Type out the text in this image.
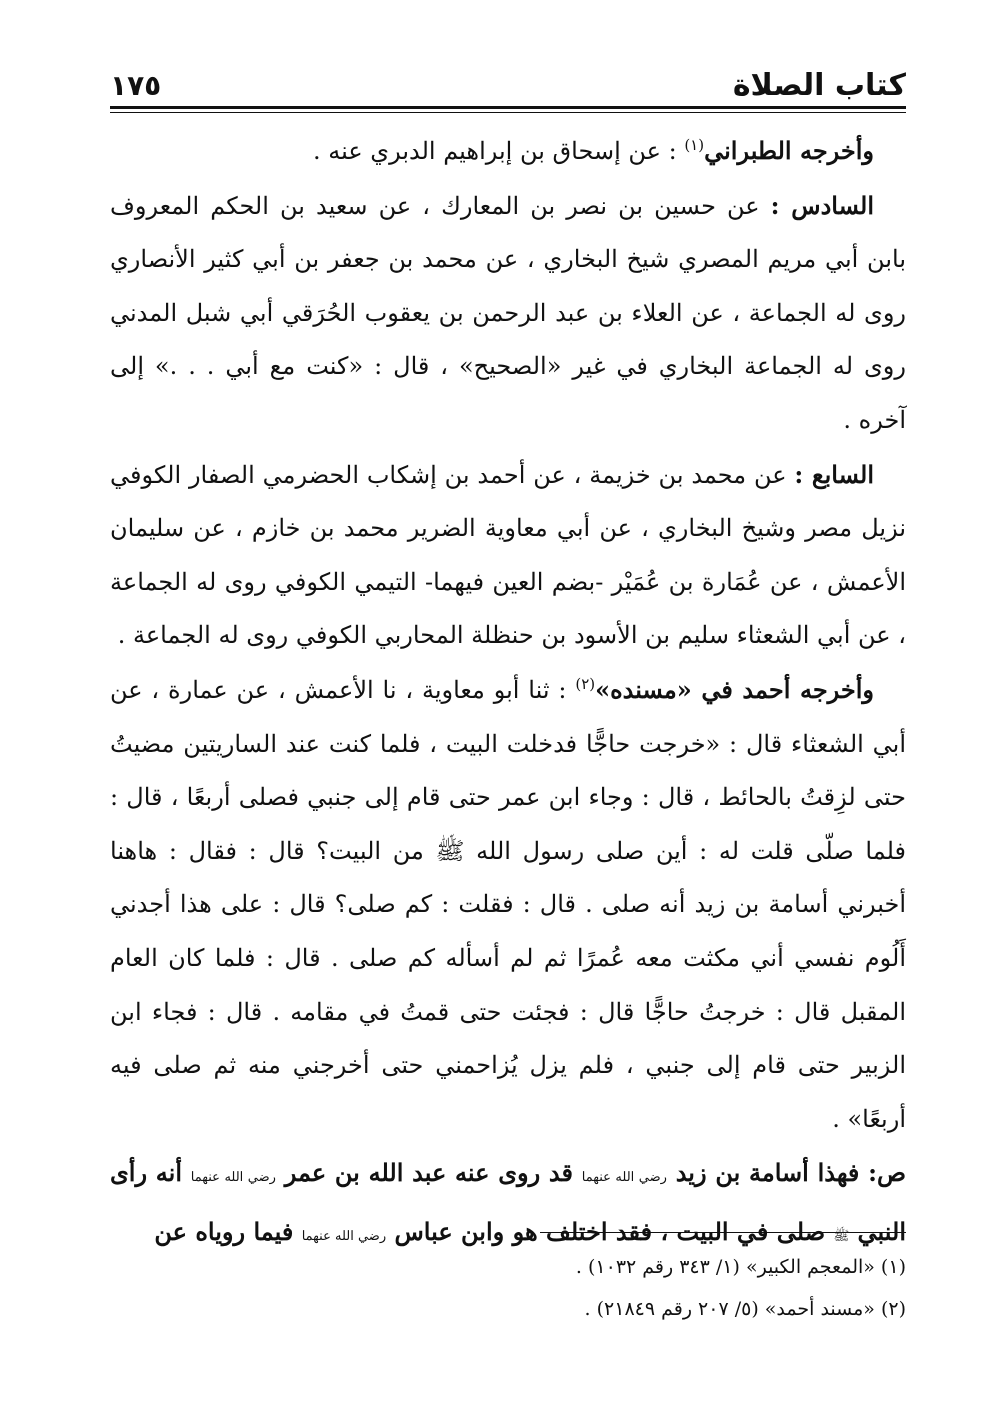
كتاب الصلاة
١٧٥

وأخرجه الطبراني$^{(١)}$ : عن إسحاق بن إبراهيم الدبري عنه .

السادس : عن حسين بن نصر بن المعارك ، عن سعيد بن الحكم المعروف بابن أبي مريم المصري شيخ البخاري ، عن محمد بن جعفر بن أبي كثير الأنصاري روى له الجماعة ، عن العلاء بن عبد الرحمن بن يعقوب الحُرَقي أبي شبل المدني روى له الجماعة البخاري في غير «الصحيح» ، قال : «كنت مع أبي . . .» إلى آخره .

السابع : عن محمد بن خزيمة ، عن أحمد بن إشكاب الحضرمي الصفار الكوفي نزيل مصر وشيخ البخاري ، عن أبي معاوية الضرير محمد بن خازم ، عن سليمان الأعمش ، عن عُمَارة بن عُمَيْر -بضم العين فيهما- التيمي الكوفي روى له الجماعة ، عن أبي الشعثاء سليم بن الأسود بن حنظلة المحاربي الكوفي روى له الجماعة .

وأخرجه أحمد في «مسنده»$^{(٢)}$ : ثنا أبو معاوية ، نا الأعمش ، عن عمارة ، عن أبي الشعثاء قال : «خرجت حاجًّا فدخلت البيت ، فلما كنت عند الساريتين مضيتُ حتى لزِقتُ بالحائط ، قال : وجاء ابن عمر حتى قام إلى جنبي فصلى أربعًا ، قال : فلما صلّى قلت له : أين صلى رسول الله ﷺ من البيت؟ قال : فقال : هاهنا أخبرني أسامة بن زيد أنه صلى . قال : فقلت : كم صلى؟ قال : على هذا أجدني أَلُوم نفسي أني مكثت معه عُمرًا ثم لم أسأله كم صلى . قال : فلما كان العام المقبل قال : خرجتُ حاجًّا قال : فجئت حتى قمتُ في مقامه . قال : فجاء ابن الزبير حتى قام إلى جنبي ، فلم يزل يُزاحمني حتى أخرجني منه ثم صلى فيه أربعًا» .

ص: فهذا أسامة بن زيد رضي الله عنهما قد روى عنه عبد الله بن عمر رضي الله عنهما أنه رأى النبي ﷺ صلى في البيت ، فقد اختلف هو وابن عباس رضي الله عنهما فيما روياه عن

(١) «المعجم الكبير» (١/ ٣٤٣ رقم ١٠٣٢) .

(٢) «مسند أحمد» (٥/ ٢٠٧ رقم ٢١٨٤٩) .
